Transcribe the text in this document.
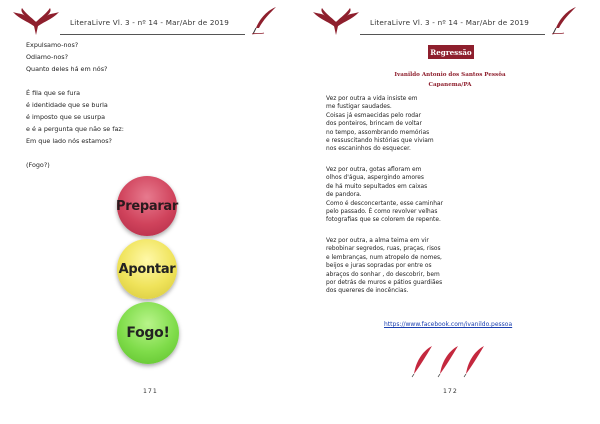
LiteraLivre Vl. 3 - nº 14 - Mar/Abr de 2019
Expulsamo-nos?
Odiamo-nos?
Quanto deles há em nós?
É fila que se fura
é identidade que se burla
é imposto que se usurpa
e é a pergunta que não se faz:
Em que lado nós estamos?
(Fogo?)
Preparar
Apontar
Fogo!
171
LiteraLivre Vl. 3 - nº 14 - Mar/Abr de 2019
Regressão
Ivanildo Antonio dos Santos Pessôa
Capanema/PA

Vez por outra a vida insiste em

me fustigar saudades.

Coisas já esmaecidas pelo rodar

dos ponteiros, brincam de voltar

no tempo, assombrando memórias

e ressuscitando histórias que viviam

nos escaninhos do esquecer.

Vez por outra, gotas afloram em

olhos d'água, aspergindo amores

de há muito sepultados em caixas

de pandora.

Como é desconcertante, esse caminhar

pelo passado. É como revolver velhas

fotografias que se colorem de repente.

Vez por outra, a alma teima em vir

rebobinar segredos, ruas, praças, risos

e lembranças, num atropelo de nomes,

beijos e juras sopradas por entre os

abraços do sonhar , do descobrir, bem

por detrás de muros e pátios guardiães

dos quereres de inocências.

https://www.facebook.com/ivanildo.pessoa
172
